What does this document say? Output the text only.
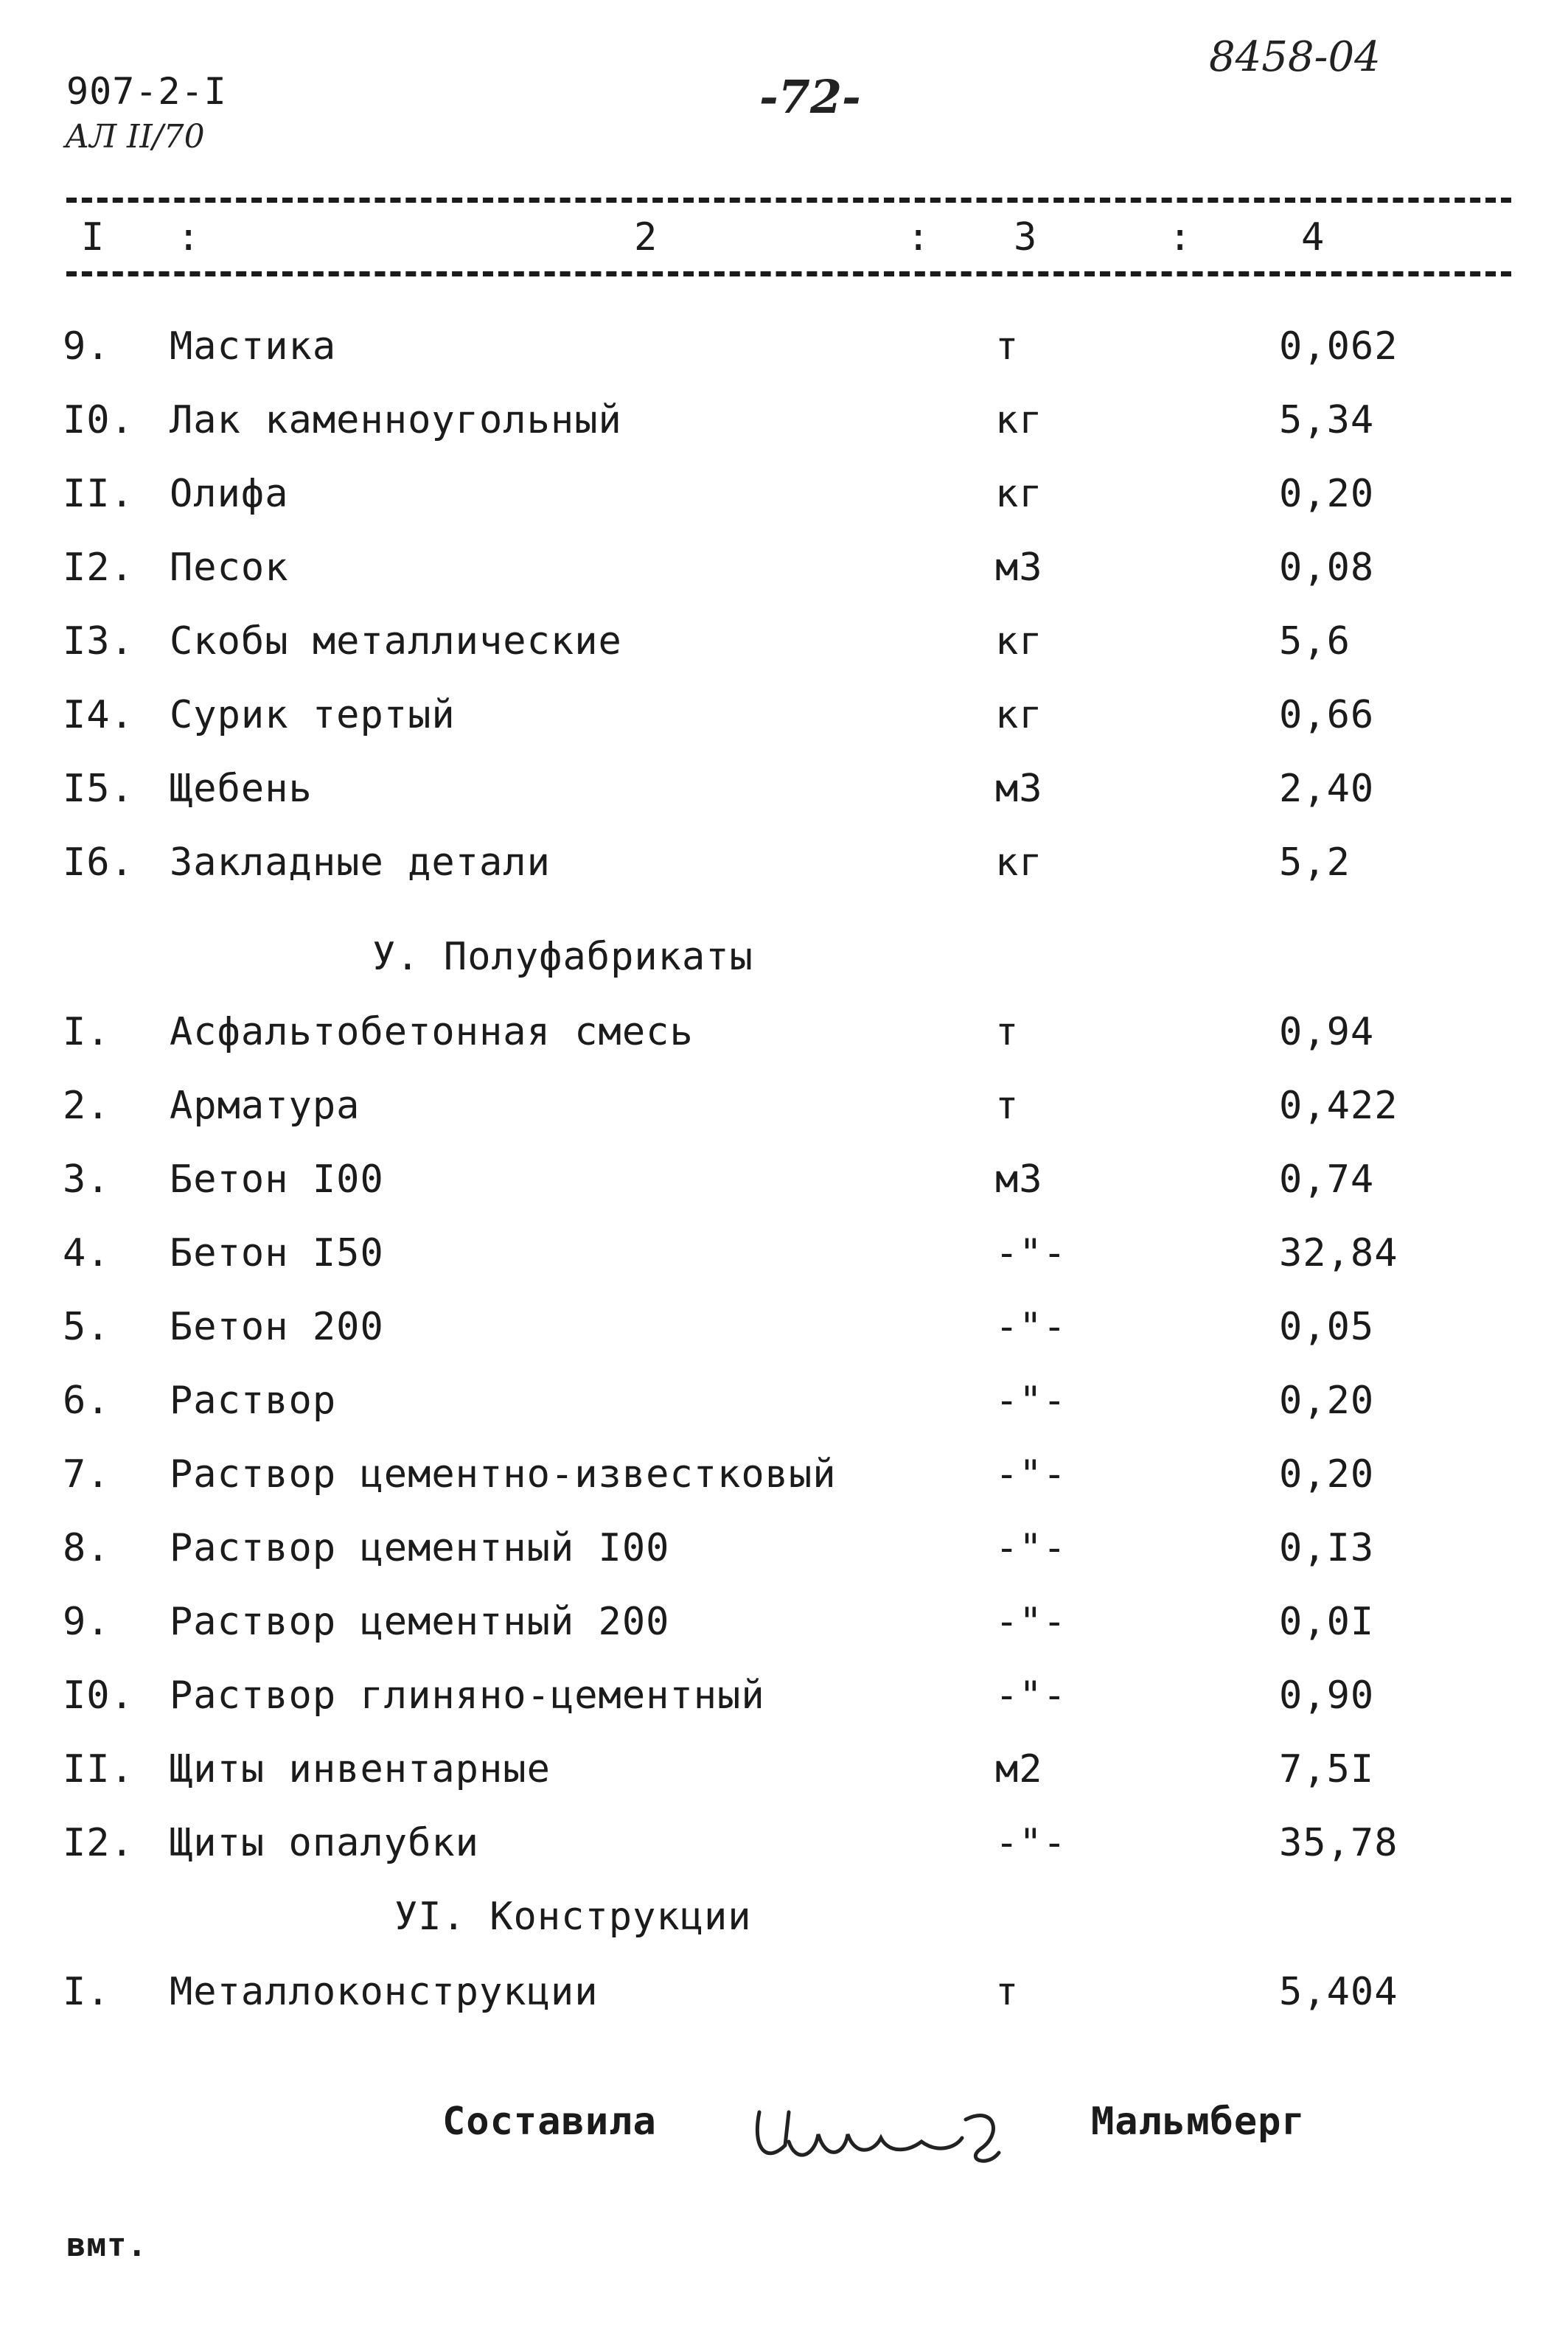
907-2-I
АЛ II/70
-72-
8458-04
I :	2	: 3	:	4
9. Мастика	т	0,062
I0. Лак каменноугольный	кг	5,34
II. Олифа	кг	0,20
I2. Песок	м3	0,08
I3. Скобы металлические	кг	5,6
I4. Сурик тертый	кг	0,66
I5. Щебень	м3	2,40
I6. Закладные детали	кг	5,2
У. Полуфабрикаты
I. Асфальтобетонная смесь	т	0,94
2. Арматура	т	0,422
3. Бетон I00	м3	0,74
4. Бетон I50	-"-	32,84
5. Бетон 200	-"-	0,05
6. Раствор	-"-	0,20
7. Раствор цементно-известковый	-"-	0,20
8. Раствор цементный I00	-"-	0,I3
9. Раствор цементный 200	-"-	0,0I
I0. Раствор глиняно-цементный	-"-	0,90
II. Щиты инвентарные	м2	7,5I
I2. Щиты опалубки	-"-	35,78
УI. Конструкции
I. Металлоконструкции	т	5,404
Составила	Мальмберг
вмт.
